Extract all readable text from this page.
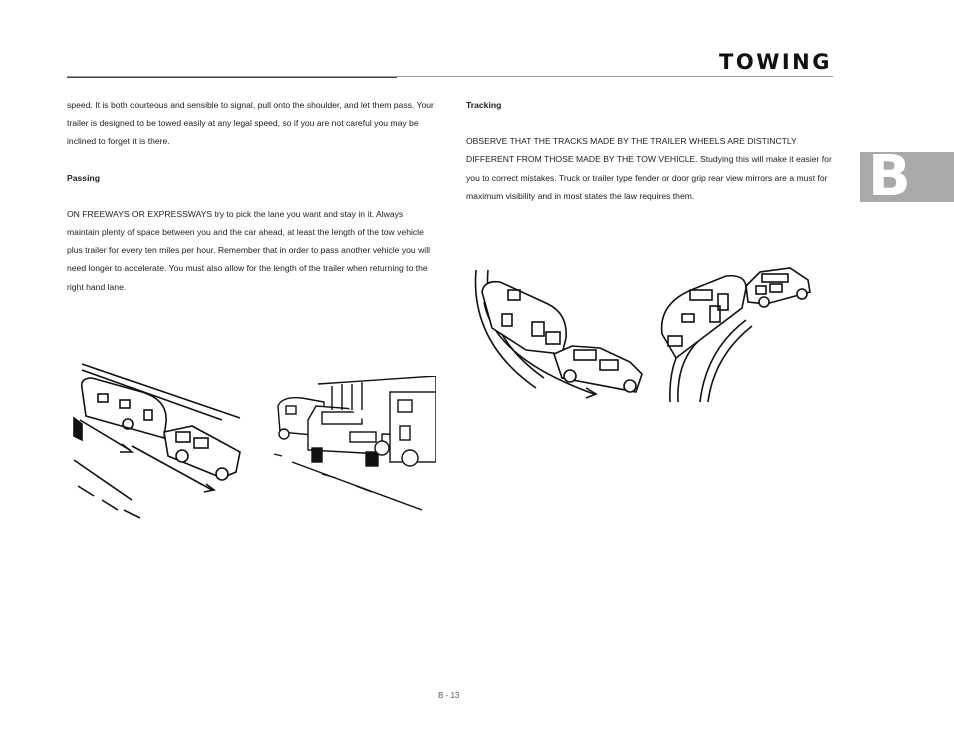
TOWING

speed. It is both courteous and sensible to signal, pull onto the shoulder, and let them pass. Your trailer is designed to be towed easily at any legal speed, so if you are not careful you may be inclined to forget it is there.

Passing

ON FREEWAYS OR EXPRESSWAYS try to pick the lane you want and stay in it. Always maintain plenty of space between you and the car ahead, at least the length of the tow vehicle plus trailer for every ten miles per hour. Remember that in order to pass another vehicle you will need longer to accelerate. You must also allow for the length of the trailer when returning to the right hand lane.

Tracking

OBSERVE THAT THE TRACKS MADE BY THE TRAILER WHEELS ARE DISTINCTLY DIFFERENT FROM THOSE MADE BY THE TOW VEHICLE. Studying this will make it easier for you to correct mistakes. Truck or trailer type fender or door grip rear view mirrors are a must for maximum visibility and in most states the law requires them.	B
B - 13
